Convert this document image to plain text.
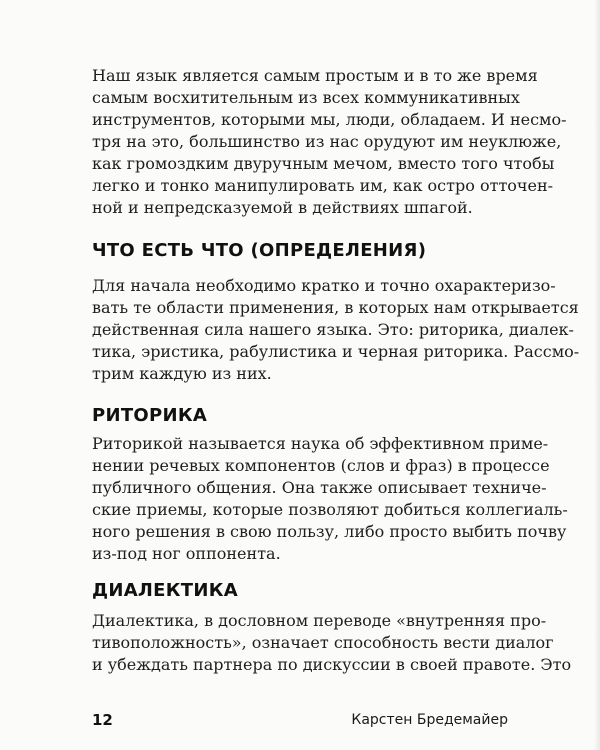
Наш язык является самым простым и в то же время
самым восхитительным из всех коммуникативных
инструментов, которыми мы, люди, обладаем. И несмо-
тря на это, большинство из нас орудуют им неуклюже,
как громоздким двуручным мечом, вместо того чтобы
легко и тонко манипулировать им, как остро отточен-
ной и непредсказуемой в действиях шпагой.
ЧТО ЕСТЬ ЧТО (ОПРЕДЕЛЕНИЯ)
Для начала необходимо кратко и точно охарактеризо-
вать те области применения, в которых нам открывается
действенная сила нашего языка. Это: риторика, диалек-
тика, эристика, рабулистика и черная риторика. Рассмо-
трим каждую из них.
РИТОРИКА
Риторикой называется наука об эффективном приме-
нении речевых компонентов (слов и фраз) в процессе
публичного общения. Она также описывает техниче-
ские приемы, которые позволяют добиться коллегиаль-
ного решения в свою пользу, либо просто выбить почву
из-под ног оппонента.
ДИАЛЕКТИКА
Диалектика, в дословном переводе «внутренняя про-
тивоположность», означает способность вести диалог
и убеждать партнера по дискуссии в своей правоте. Это
12	Карстен Бредемайер
